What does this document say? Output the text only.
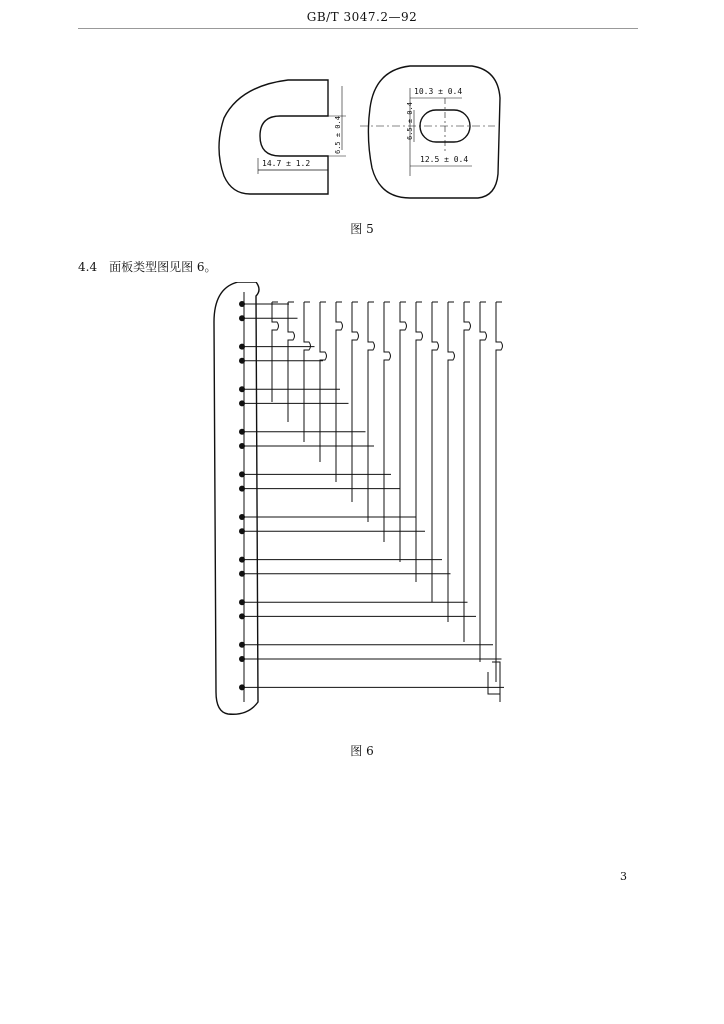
GB/T 3047.2—92
14.7 ± 1.2
6.5 ± 0.4
10.3 ± 0.4
6.5 ± 0.4
12.5 ± 0.4
图 5
4.4 面板类型图见图 6。
图 6
3
